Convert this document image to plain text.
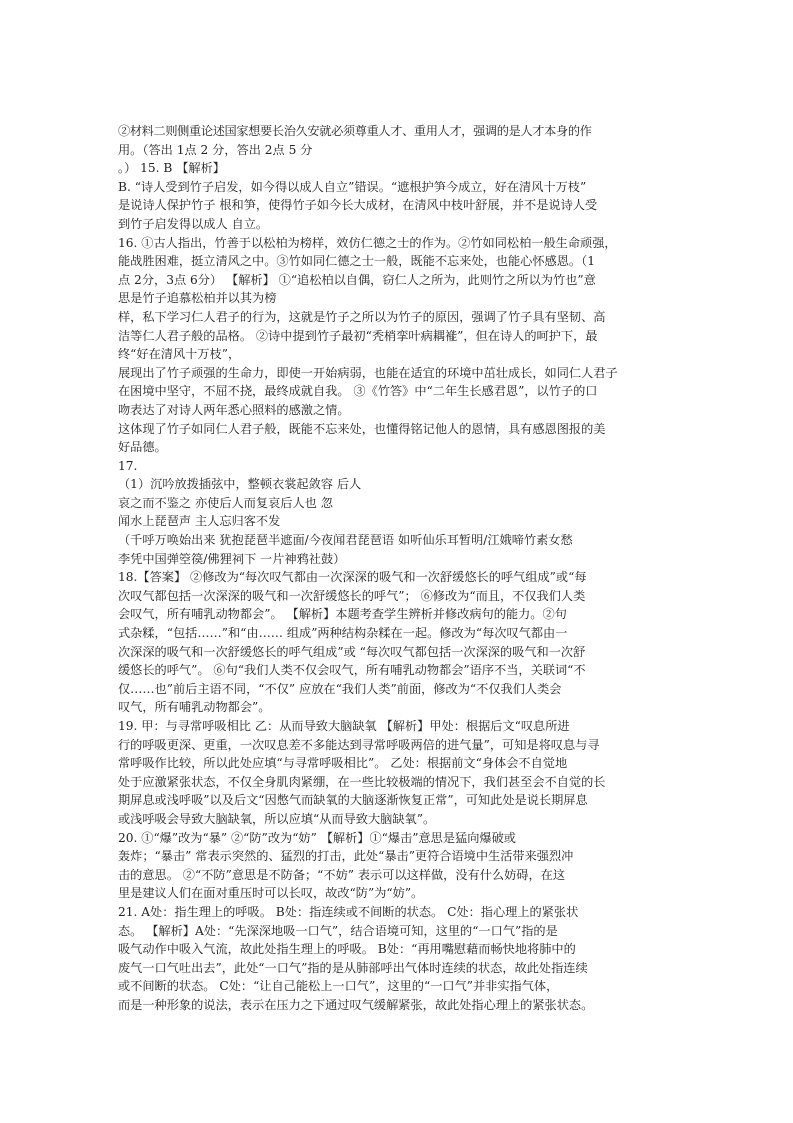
②材料二则侧重论述国家想要长治久安就必须尊重人才、重用人才，强调的是人才本身的作
用。（答出 1点 2 分，答出 2点 5 分
。） 15. B 【解析】
B. “诗人受到竹子启发，如今得以成人自立”错误。“遮根护笋今成立，好在清风十万枝”
是说诗人保护竹子 根和笋，使得竹子如今长大成材，在清风中枝叶舒展，并不是说诗人受
到竹子启发得以成人 自立。
16. ①古人指出，竹善于以松柏为榜样，效仿仁德之士的作为。②竹如同松柏一般生命顽强，
能战胜困难，挺立清风之中。③竹如同仁德之士一般，既能不忘来处，也能心怀感恩。（1
点 2分，3点 6分） 【解析】 ①“追松柏以自偶，窃仁人之所为，此则竹之所以为竹也”意
思是竹子追慕松柏并以其为榜
样，私下学习仁人君子的行为，这就是竹子之所以为竹子的原因，强调了竹子具有坚韧、高
洁等仁人君子般的品格。 ②诗中提到竹子最初“秃梢挛叶病耦褦”，但在诗人的呵护下，最
终“好在清风十万枝”，
展现出了竹子顽强的生命力，即使一开始病弱，也能在适宜的环境中茁壮成长，如同仁人君子
在困境中坚守，不屈不挠，最终成就自我。 ③《竹答》中“二年生长感君恩”，以竹子的口
吻表达了对诗人两年悉心照料的感激之情。
这体现了竹子如同仁人君子般，既能不忘来处，也懂得铭记他人的恩情，具有感恩图报的美
好品德。
17.
（1）沉吟放拨插弦中，整顿衣裳起敛容 后人
哀之而不鉴之 亦使后人而复哀后人也 忽
闻水上琵琶声 主人忘归客不发
（千呼万唤始出来 犹抱琵琶半遮面/今夜闻君琵琶语 如听仙乐耳暂明/江娥啼竹素女愁
李凭中国弹箜篌/佛狸祠下 一片神鸦社鼓）
18.【答案】 ②修改为“每次叹气都由一次深深的吸气和一次舒缓悠长的呼气组成”或“每
次叹气都包括一次深深的吸气和一次舒缓悠长的呼气”； ⑥修改为“而且，不仅我们人类
会叹气，所有哺乳动物都会”。 【解析】本题考查学生辨析并修改病句的能力。②句
式杂糅，“包括……”和“由…… 组成”两种结构杂糅在一起。修改为“每次叹气都由一
次深深的吸气和一次舒缓悠长的呼气组成”或 “每次叹气都包括一次深深的吸气和一次舒
缓悠长的呼气”。 ⑥句“我们人类不仅会叹气，所有哺乳动物都会”语序不当，关联词“不
仅……也”前后主语不同，“不仅” 应放在“我们人类”前面，修改为“不仅我们人类会
叹气，所有哺乳动物都会”。
19. 甲：与寻常呼吸相比 乙：从而导致大脑缺氧 【解析】甲处：根据后文“叹息所进
行的呼吸更深、更重，一次叹息差不多能达到寻常呼吸两倍的进气量”，可知是将叹息与寻
常呼吸作比较，所以此处应填“与寻常呼吸相比”。 乙处：根据前文“身体会不自觉地
处于应激紧张状态，不仅全身肌肉紧绷，在一些比较极端的情况下，我们甚至会不自觉的长
期屏息或浅呼吸”以及后文“因憋气而缺氧的大脑逐渐恢复正常”，可知此处是说长期屏息
或浅呼吸会导致大脑缺氧，所以应填“从而导致大脑缺氧”。
20. ①“爆”改为“暴” ②“防”改为“妨” 【解析】①“爆击”意思是猛向爆破或
轰炸；“暴击” 常表示突然的、猛烈的打击，此处“暴击”更符合语境中生活带来强烈冲
击的意思。 ②“不防”意思是不防备；“不妨” 表示可以这样做，没有什么妨碍，在这
里是建议人们在面对重压时可以长叹，故改“防”为“妨”。
21. A处：指生理上的呼吸。 B处：指连续或不间断的状态。 C处：指心理上的紧张状
态。 【解析】A处：“先深深地吸一口气”，结合语境可知，这里的“一口气”指的是
吸气动作中吸入气流，故此处指生理上的呼吸。 B处：“再用嘴慰藉而畅快地将肺中的
废气一口气吐出去”，此处“一口气”指的是从肺部呼出气体时连续的状态，故此处指连续
或不间断的状态。 C处：“让自己能松上一口气”，这里的“一口气”并非实指气体，
而是一种形象的说法，表示在压力之下通过叹气缓解紧张，故此处指心理上的紧张状态。
